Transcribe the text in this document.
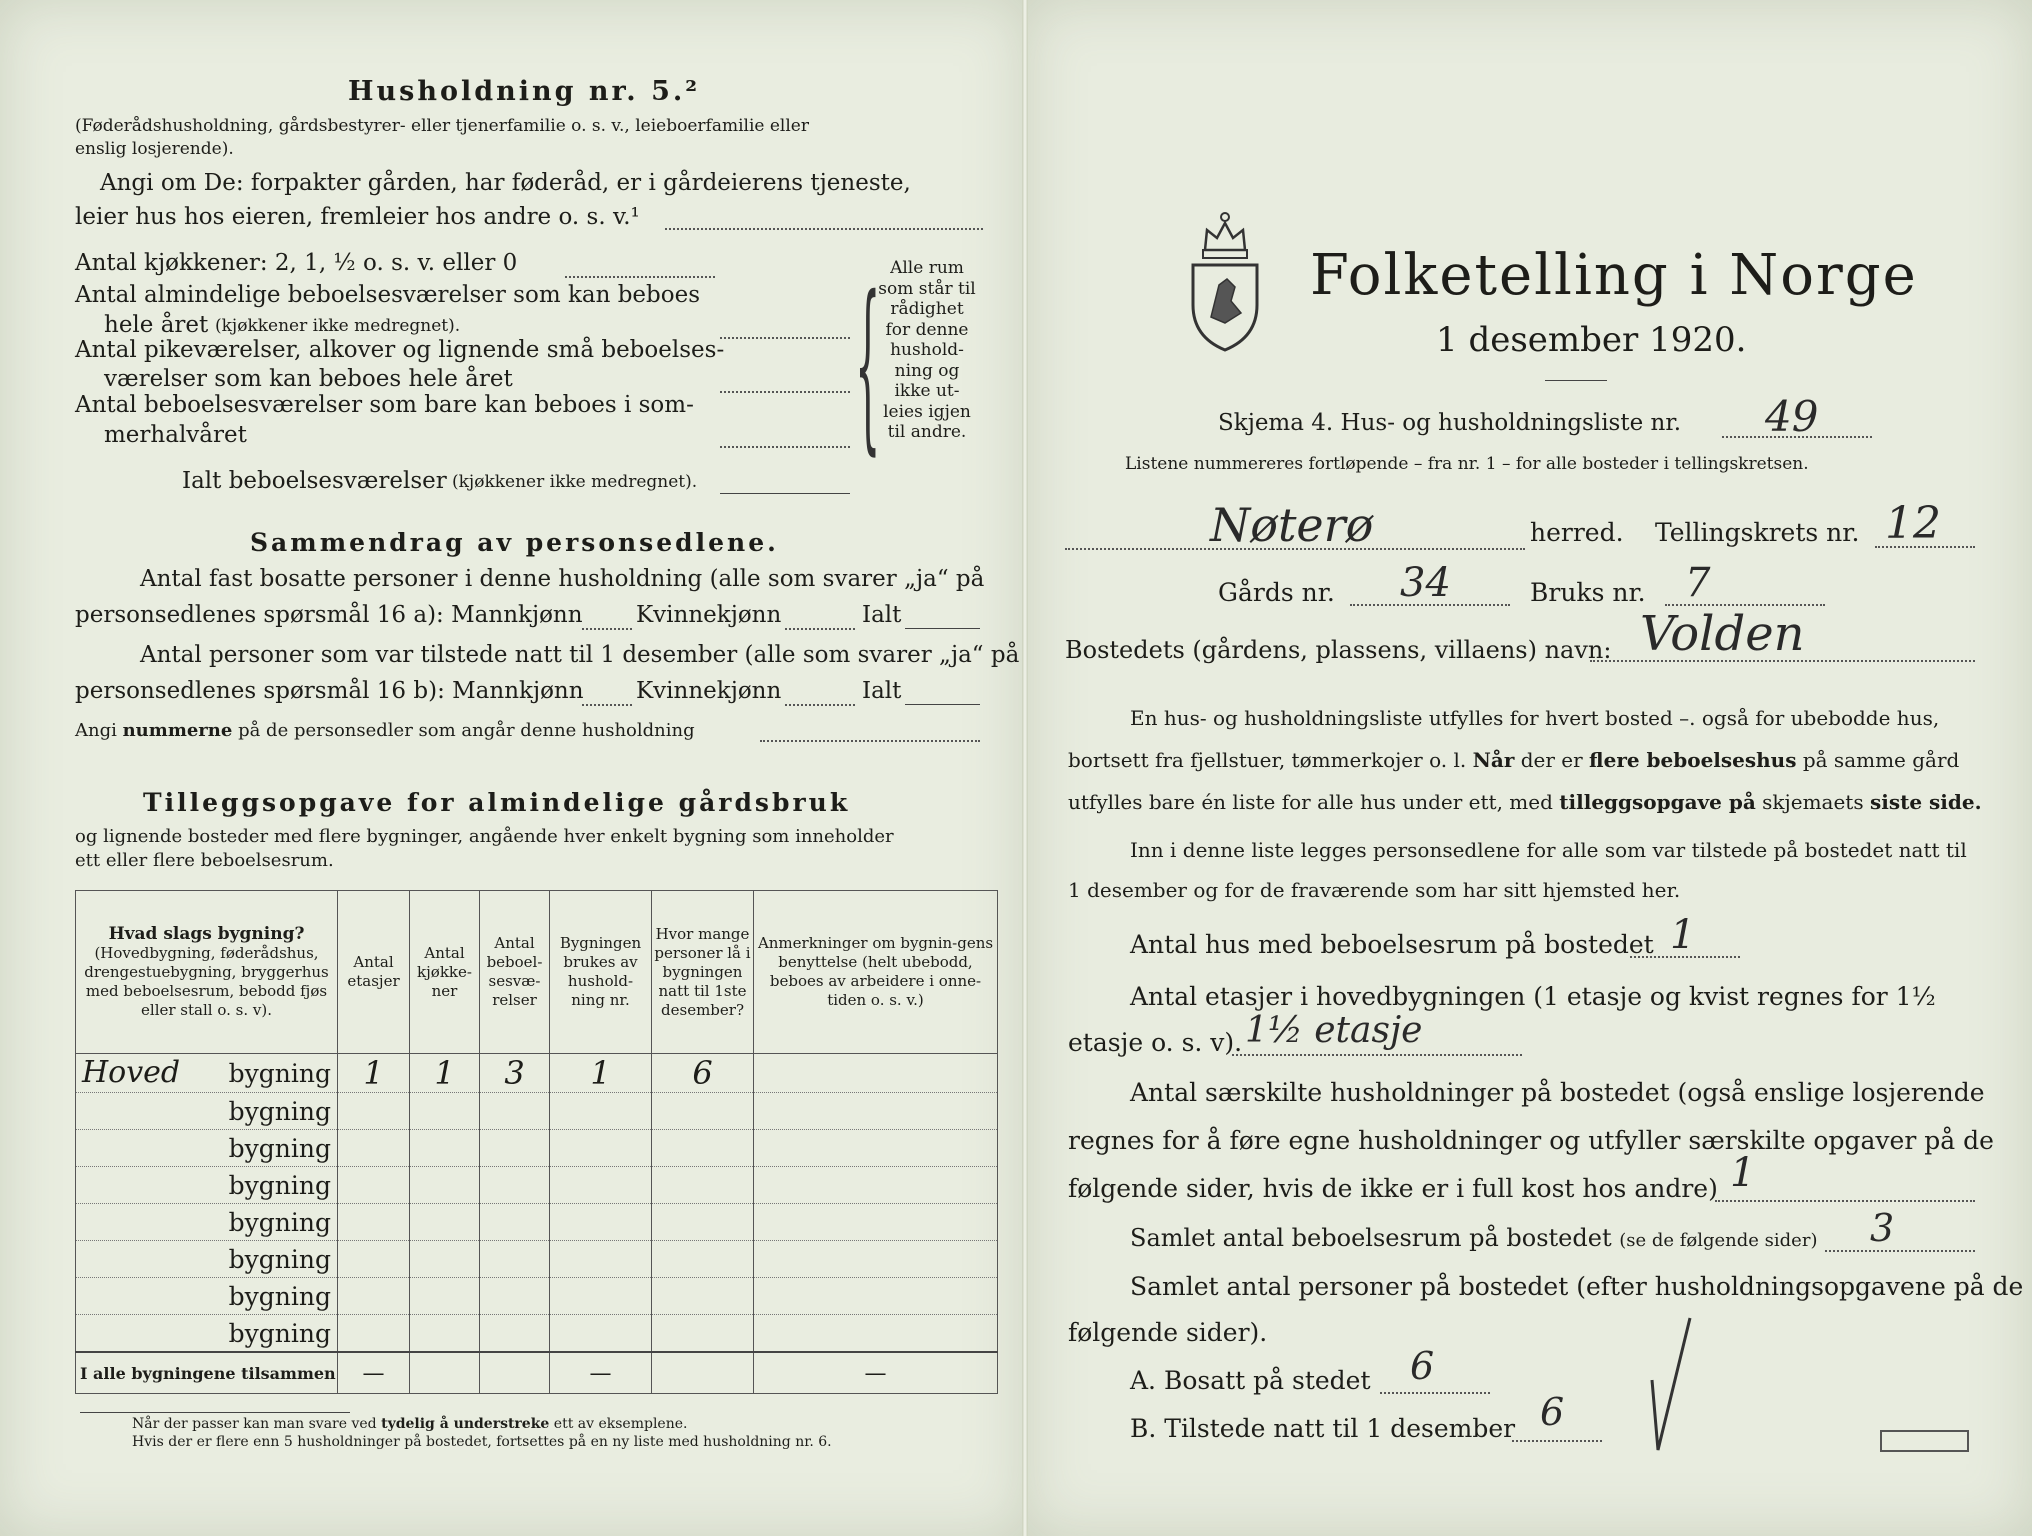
Husholdning nr. 5.²
(Føderådshusholdning, gårdsbestyrer- eller tjenerfamilie o. s. v., leieboerfamilie eller
enslig losjerende).
Angi om De: forpakter gården, har føderåd, er i gårdeierens tjeneste,
leier hus hos eieren, fremleier hos andre o. s. v.¹
Antal kjøkkener: 2, 1, ½ o. s. v. eller 0
Antal almindelige beboelsesværelser som kan beboes
hele året (kjøkkener ikke medregnet).
Antal pikeværelser, alkover og lignende små beboelses-
værelser som kan beboes hele året
Antal beboelsesværelser som bare kan beboes i som-
merhalvåret
Ialt beboelsesværelser (kjøkkener ikke medregnet).
{ Alle rum
som står til
rådighet
for denne
hushold-
ning og
ikke ut-
leies igjen
til andre.
Sammendrag av personsedlene.
Antal fast bosatte personer i denne husholdning (alle som svarer „ja“ på
personsedlenes spørsmål 16 a): Mannkjønn Kvinnekjønn	Ialt
Antal personer som var tilstede natt til 1 desember (alle som svarer „ja“ på
personsedlenes spørsmål 16 b): Mannkjønn Kvinnekjønn	Ialt
Angi nummerne på de personsedler som angår denne husholdning
Tilleggsopgave for almindelige gårdsbruk
og lignende bosteder med flere bygninger, angående hver enkelt bygning som inneholder
ett eller flere beboelsesrum.
Hvad slags bygning?
(Hovedbygning, føderådshus, drengestuebygning, bryggerhus med beboelsesrum, bebodd fjøs eller stall o. s. v).	Antal etasjer	Antal kjøkke-ner	Antal beboel-sesvæ-relser	Bygningen brukes av hushold-ning nr.	Hvor mange personer lå i bygningen natt til 1ste desember?	Anmerkninger om bygnin-gens benyttelse (helt ubebodd, beboes av arbeidere i onne-tiden o. s. v.)

Hoved bygning	1	1	3	1	6	

bygning						

bygning						

bygning						

bygning						

bygning						

bygning						

bygning						
I alle bygningene tilsammen	—			—		—
Når der passer kan man svare ved tydelig å understreke ett av eksemplene.
Hvis der er flere enn 5 husholdninger på bostedet, fortsettes på en ny liste med husholdning nr. 6.
Folketelling i Norge
1 desember 1920.
Skjema 4. Hus- og husholdningsliste nr. 49
Listene nummereres fortløpende – fra nr. 1 – for alle bosteder i tellingskretsen.
Nøterø	herred. Tellingskrets nr. 12
Gårds nr. 34	Bruks nr. 7
Bostedets (gårdens, plassens, villaens) navn: Volden
En hus- og husholdningsliste utfylles for hvert bosted –. også for ubebodde hus,
bortsett fra fjellstuer, tømmerkojer o. l. Når der er flere beboelseshus på samme gård
utfylles bare én liste for alle hus under ett, med tilleggsopgave på skjemaets siste side.
Inn i denne liste legges personsedlene for alle som var tilstede på bostedet natt til
1 desember og for de fraværende som har sitt hjemsted her.
Antal hus med beboelsesrum på bostedet 1
Antal etasjer i hovedbygningen (1 etasje og kvist regnes for 1½
etasje o. s. v). 1½ etasje
Antal særskilte husholdninger på bostedet (også enslige losjerende
regnes for å føre egne husholdninger og utfyller særskilte opgaver på de
følgende sider, hvis de ikke er i full kost hos andre) 1
Samlet antal beboelsesrum på bostedet (se de følgende sider) 3
Samlet antal personer på bostedet (efter husholdningsopgavene på de
følgende sider).
A. Bosatt på stedet 6
B. Tilstede natt til 1 desember 6
